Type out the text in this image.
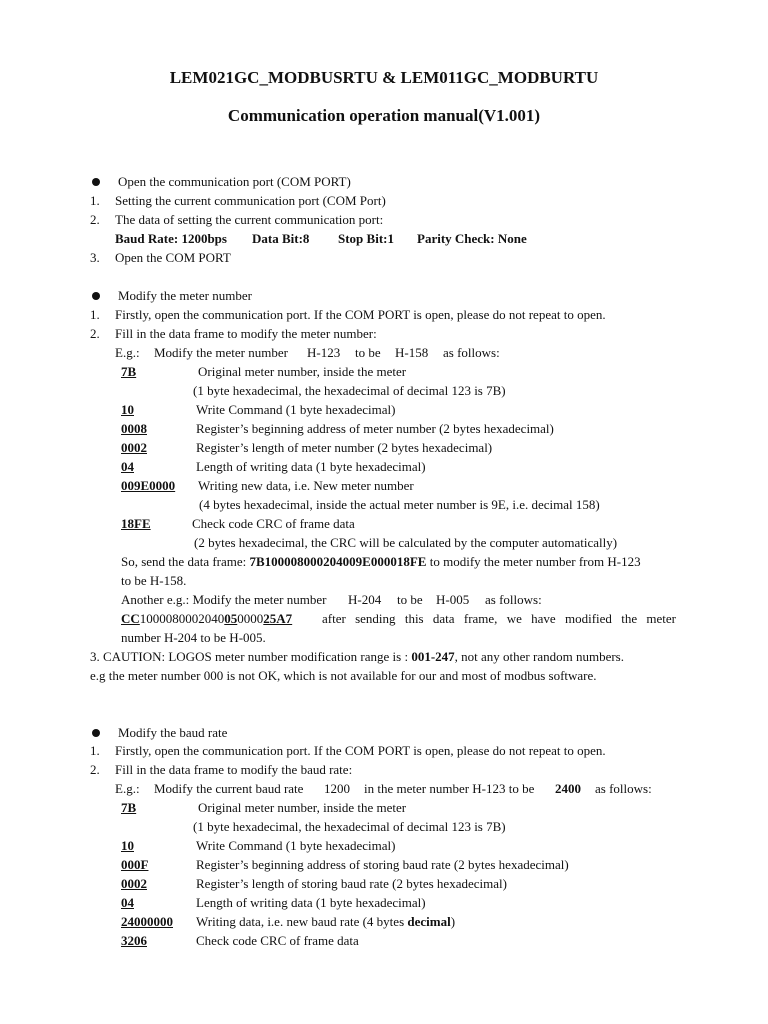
LEM021GC_MODBUSRTU & LEM011GC_MODBURTU
Communication operation manual(V1.001)
Open the communication port (COM PORT)
1. Setting the current communication port (COM Port)
2. The data of setting the current communication port:
Baud Rate: 1200bps Data Bit:8 Stop Bit:1 Parity Check: None
3. Open the COM PORT
Modify the meter number
1. Firstly, open the communication port. If the COM PORT is open, please do not repeat to open.
2. Fill in the data frame to modify the meter number:
E.g.: Modify the meter number H-123 to be H-158 as follows:
7B	Original meter number, inside the meter
(1 byte hexadecimal, the hexadecimal of decimal 123 is 7B)
10	Write Command (1 byte hexadecimal)
0008	Register’s beginning address of meter number (2 bytes hexadecimal)
0002	Register’s length of meter number (2 bytes hexadecimal)
04	Length of writing data (1 byte hexadecimal)
009E0000 Writing new data, i.e. New meter number
(4 bytes hexadecimal, inside the actual meter number is 9E, i.e. decimal 158)
18FE	Check code CRC of frame data
(2 bytes hexadecimal, the CRC will be calculated by the computer automatically)
So, send the data frame: 7B100008000204009E000018FE to modify the meter number from H-123
to be H-158.
Another e.g.: Modify the meter number H-204 to be H-005 as follows:
CC100008000204005000025A7 after sending this data frame, we have modified the meter
number H-204 to be H-005.
3. CAUTION: LOGOS meter number modification range is : 001-247, not any other random numbers.
e.g the meter number 000 is not OK, which is not available for our and most of modbus software.
Modify the baud rate
1. Firstly, open the communication port. If the COM PORT is open, please do not repeat to open.
2. Fill in the data frame to modify the baud rate:
E.g.: Modify the current baud rate 1200 in the meter number H-123 to be 2400 as follows:
7B	Original meter number, inside the meter
(1 byte hexadecimal, the hexadecimal of decimal 123 is 7B)
10	Write Command (1 byte hexadecimal)
000F	Register’s beginning address of storing baud rate (2 bytes hexadecimal)
0002	Register’s length of storing baud rate (2 bytes hexadecimal)
04	Length of writing data (1 byte hexadecimal)
24000000 Writing data, i.e. new baud rate (4 bytes decimal)
3206	Check code CRC of frame data
